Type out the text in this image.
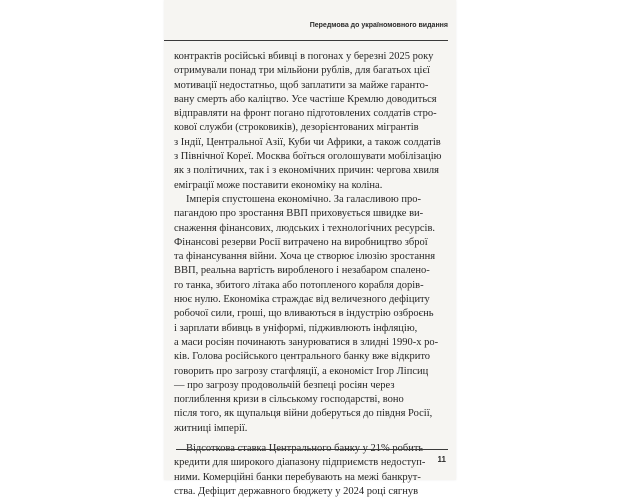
Передмова до україномовного видання

контрактів російські вбивці в погонах у березні 2025 року
отримували понад три мільйони рублів, для багатьох цієї
мотивації недостатньо, щоб заплатити за майже гаранто-
вану смерть або каліцтво. Усе частіше Кремлю доводиться
відправляти на фронт погано підготовлених солдатів стро-
кової служби (строковиків), дезорієнтованих мігрантів
з Індії, Центральної Азії, Куби чи Африки, а також солдатів
з Північної Кореї. Москва боїться оголошувати мобілізацію
як з політичних, так і з економічних причин: чергова хвиля
еміграції може поставити економіку на коліна.

Імперія спустошена економічно. За галасливою про-
пагандою про зростання ВВП приховується швидке ви-
снаження фінансових, людських і технологічних ресурсів.
Фінансові резерви Росії витрачено на виробництво зброї
та фінансування війни. Хоча це створює ілюзію зростання
ВВП, реальна вартість виробленого і незабаром спалено-
го танка, збитого літака або потопленого корабля дорів-
нює нулю. Економіка страждає від величезного дефіциту
робочої сили, гроші, що вливаються в індустрію озброєнь
і зарплати вбивць в уніформі, підживлюють інфляцію,
а маси росіян починають занурюватися в злидні 1990-х ро-
ків. Голова російського центрального банку вже відкрито
говорить про загрозу стагфляції, а економіст Ігор Ліпсиц
— про загрозу продовольчій безпеці росіян через
поглиблення кризи в сільському господарстві, воно
після того, як щупальця війни доберуться до півдня Росії,
житниці імперії.

кредити для широкого діапазону підприємств недоступ-
ними. Комерційні банки перебувають на межі банкрут-
ства. Дефіцит державного бюджету у 2024 році сягнув

11
